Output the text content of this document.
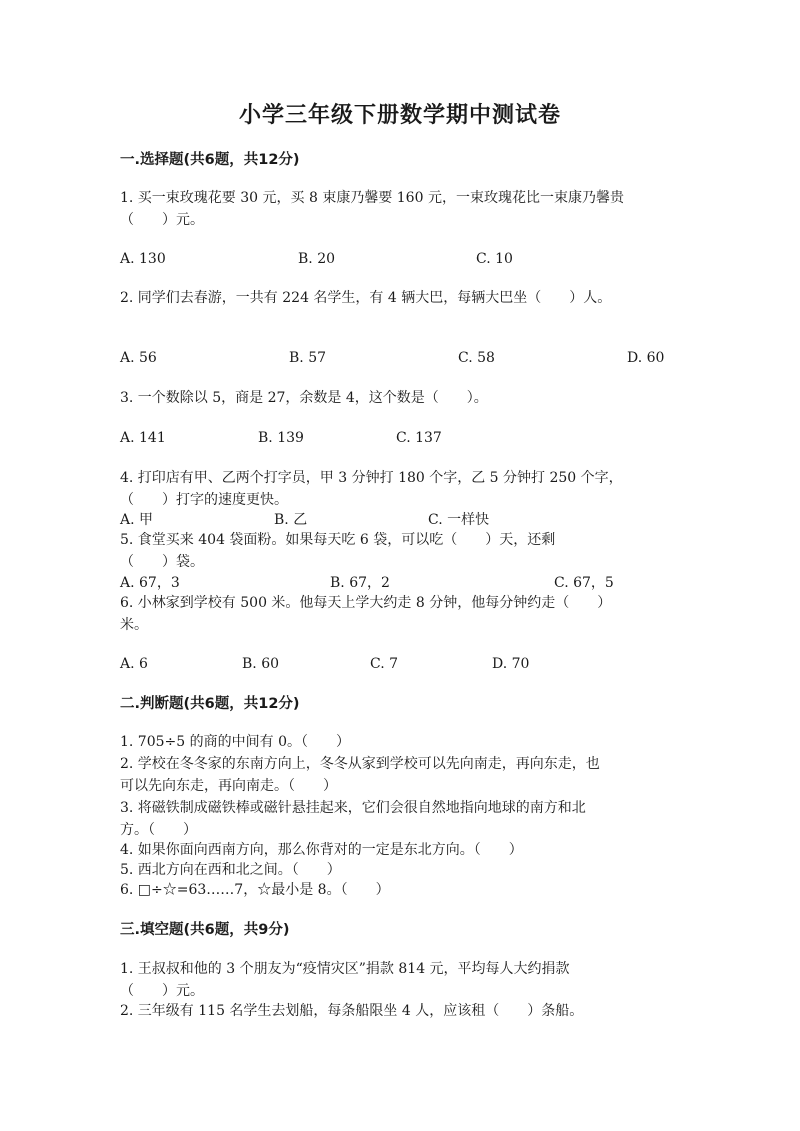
小学三年级下册数学期中测试卷
一.选择题(共6题，共12分)
1. 买一束玫瑰花要 30 元，买 8 束康乃馨要 160 元，一束玫瑰花比一束康乃馨贵
（　　）元。
A. 130	B. 20	C. 10
2. 同学们去春游，一共有 224 名学生，有 4 辆大巴，每辆大巴坐（　　）人。
A. 56	B. 57	C. 58	D. 60
3. 一个数除以 5，商是 27，余数是 4，这个数是（　　）。
A. 141	B. 139	C. 137
4. 打印店有甲、乙两个打字员，甲 3 分钟打 180 个字，乙 5 分钟打 250 个字，
（　　）打字的速度更快。
A. 甲	B. 乙	C. 一样快
5. 食堂买来 404 袋面粉。如果每天吃 6 袋，可以吃（　　）天，还剩
（　　）袋。
A. 67，3	B. 67，2	C. 67，5
6. 小林家到学校有 500 米。他每天上学大约走 8 分钟，他每分钟约走（　　）
米。
A. 6	B. 60	C. 7	D. 70
二.判断题(共6题，共12分)
1. 705÷5 的商的中间有 0。（　　）
2. 学校在冬冬家的东南方向上，冬冬从家到学校可以先向南走，再向东走，也
可以先向东走，再向南走。（　　）
3. 将磁铁制成磁铁棒或磁针悬挂起来，它们会很自然地指向地球的南方和北
方。（　　）
4. 如果你面向西南方向，那么你背对的一定是东北方向。（　　）
5. 西北方向在西和北之间。（　　）
6. □÷☆=63……7，☆最小是 8。（　　）
三.填空题(共6题，共9分)
1. 王叔叔和他的 3 个朋友为“疫情灾区”捐款 814 元，平均每人大约捐款
（　　）元。
2. 三年级有 115 名学生去划船，每条船限坐 4 人，应该租（　　）条船。
